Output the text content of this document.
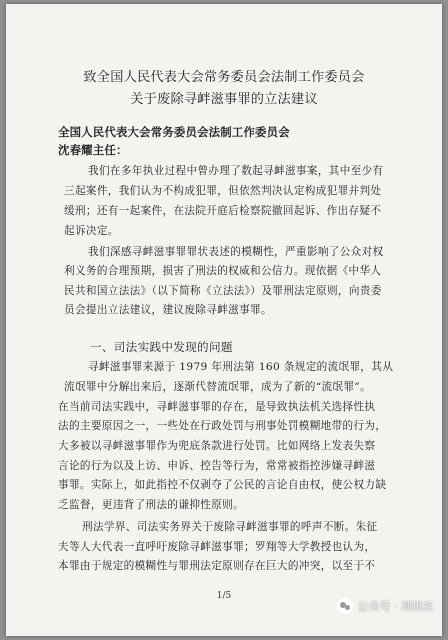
致全国人民代表大会常务委员会法制工作委员会
关于废除寻衅滋事罪的立法建议
全国人民代表大会常务委员会法制工作委员会
沈春耀主任：
我们在多年执业过程中曾办理了数起寻衅滋事案，其中至少有
三起案件，我们认为不构成犯罪，但依然判决认定构成犯罪并判处
缓刑；还有一起案件，在法院开庭后检察院撤回起诉、作出存疑不
起诉决定。
我们深感寻衅滋事罪罪状表述的模糊性，严重影响了公众对权
利义务的合理预期，损害了刑法的权威和公信力。现依据《中华人
民共和国立法法》（以下简称《立法法》）及罪刑法定原则，向贵委
员会提出立法建议，建议废除寻衅滋事罪。
一、司法实践中发现的问题
寻衅滋事罪来源于 1979 年刑法第 160 条规定的流氓罪，其从
流氓罪中分解出来后，逐渐代替流氓罪，成为了新的“流氓罪”。
在当前司法实践中，寻衅滋事罪的存在，是导致执法机关选择性执
法的主要原因之一，一些处在行政处罚与刑事处罚模糊地带的行为，
大多被以寻衅滋事罪作为兜底条款进行处罚。比如网络上发表失察
言论的行为以及上访、申诉、控告等行为，常常被指控涉嫌寻衅滋
事罪。实际上，如此指控不仅剥夺了公民的言论自由权，使公权力缺
乏监督，更违背了刑法的谦抑性原则。
刑法学界、司法实务界关于废除寻衅滋事罪的呼声不断。朱征
夫等人大代表一直呼吁废除寻衅滋事罪；罗翔等大学教授也认为，
本罪由于规定的模糊性与罪刑法定原则存在巨大的冲突，以至于不
1/5
公众号 · 刑讯社
